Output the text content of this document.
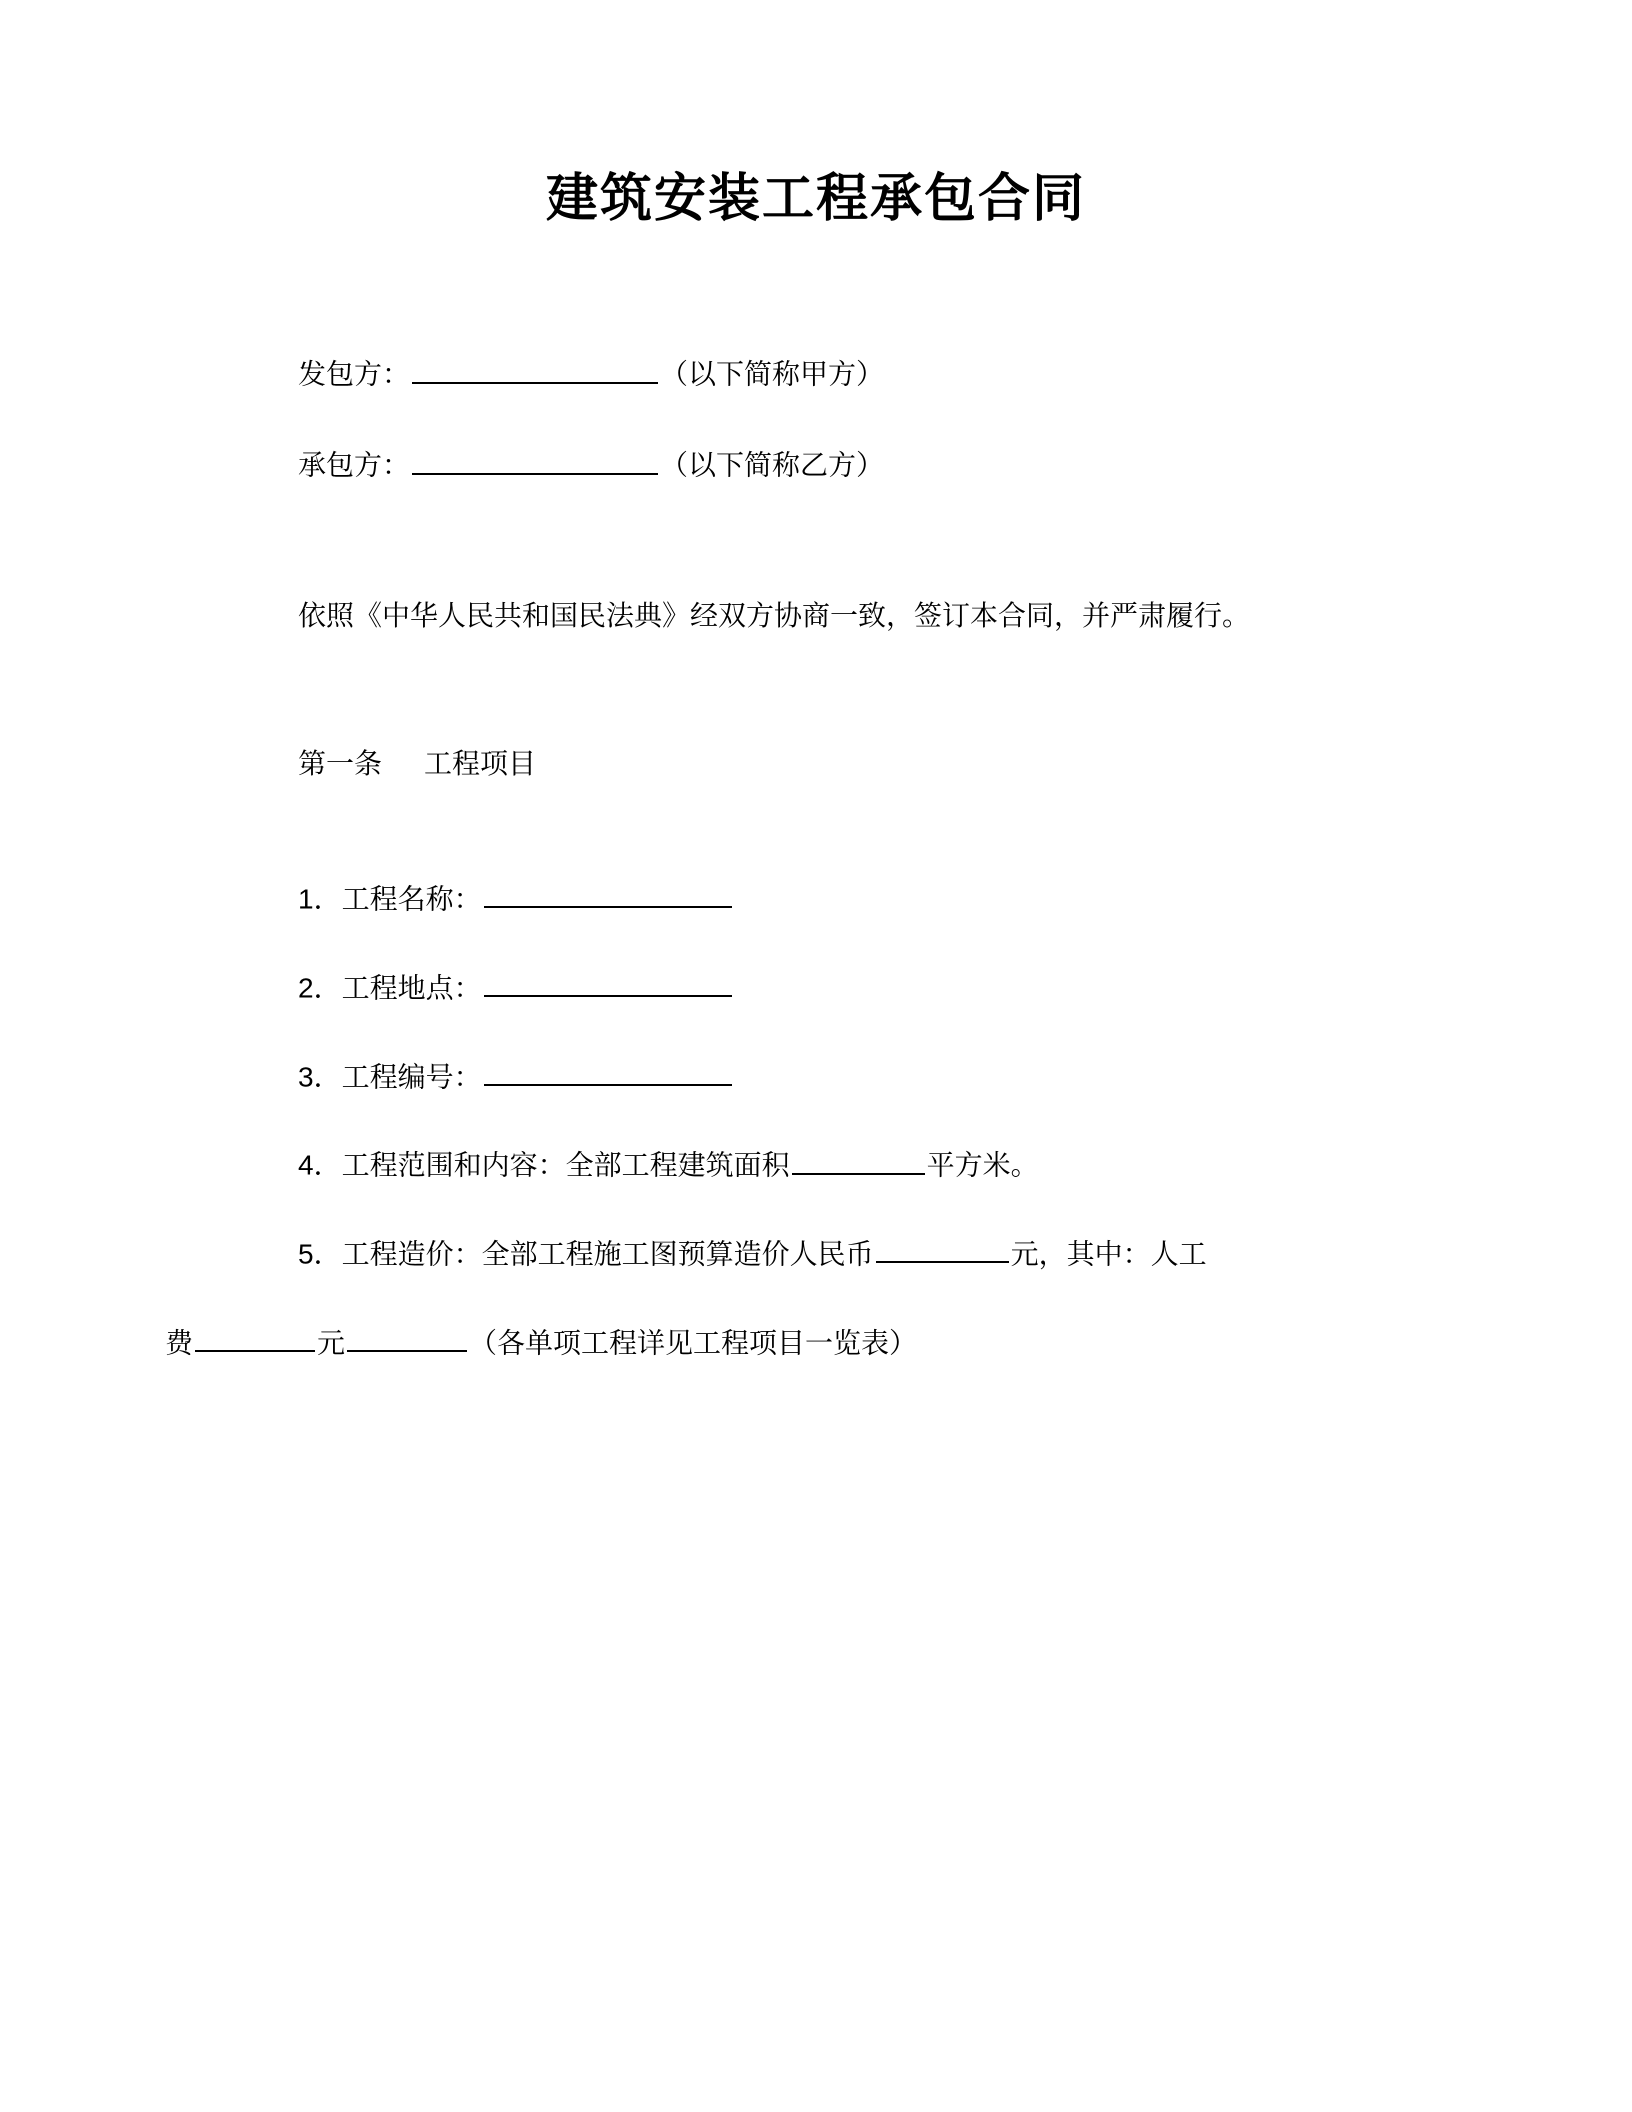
建筑安装工程承包合同
发包方：	（以下简称甲方）
承包方：	（以下简称乙方）
依照《中华人民共和国民法典》经双方协商一致，签订本合同，并严肃履行。
第一条 工程项目
1．工程名称：
2．工程地点：
3．工程编号：
4．工程范围和内容：全部工程建筑面积	平方米。
5．工程造价：全部工程施工图预算造价人民币	元，其中：人工
费	元	（各单项工程详见工程项目一览表）
